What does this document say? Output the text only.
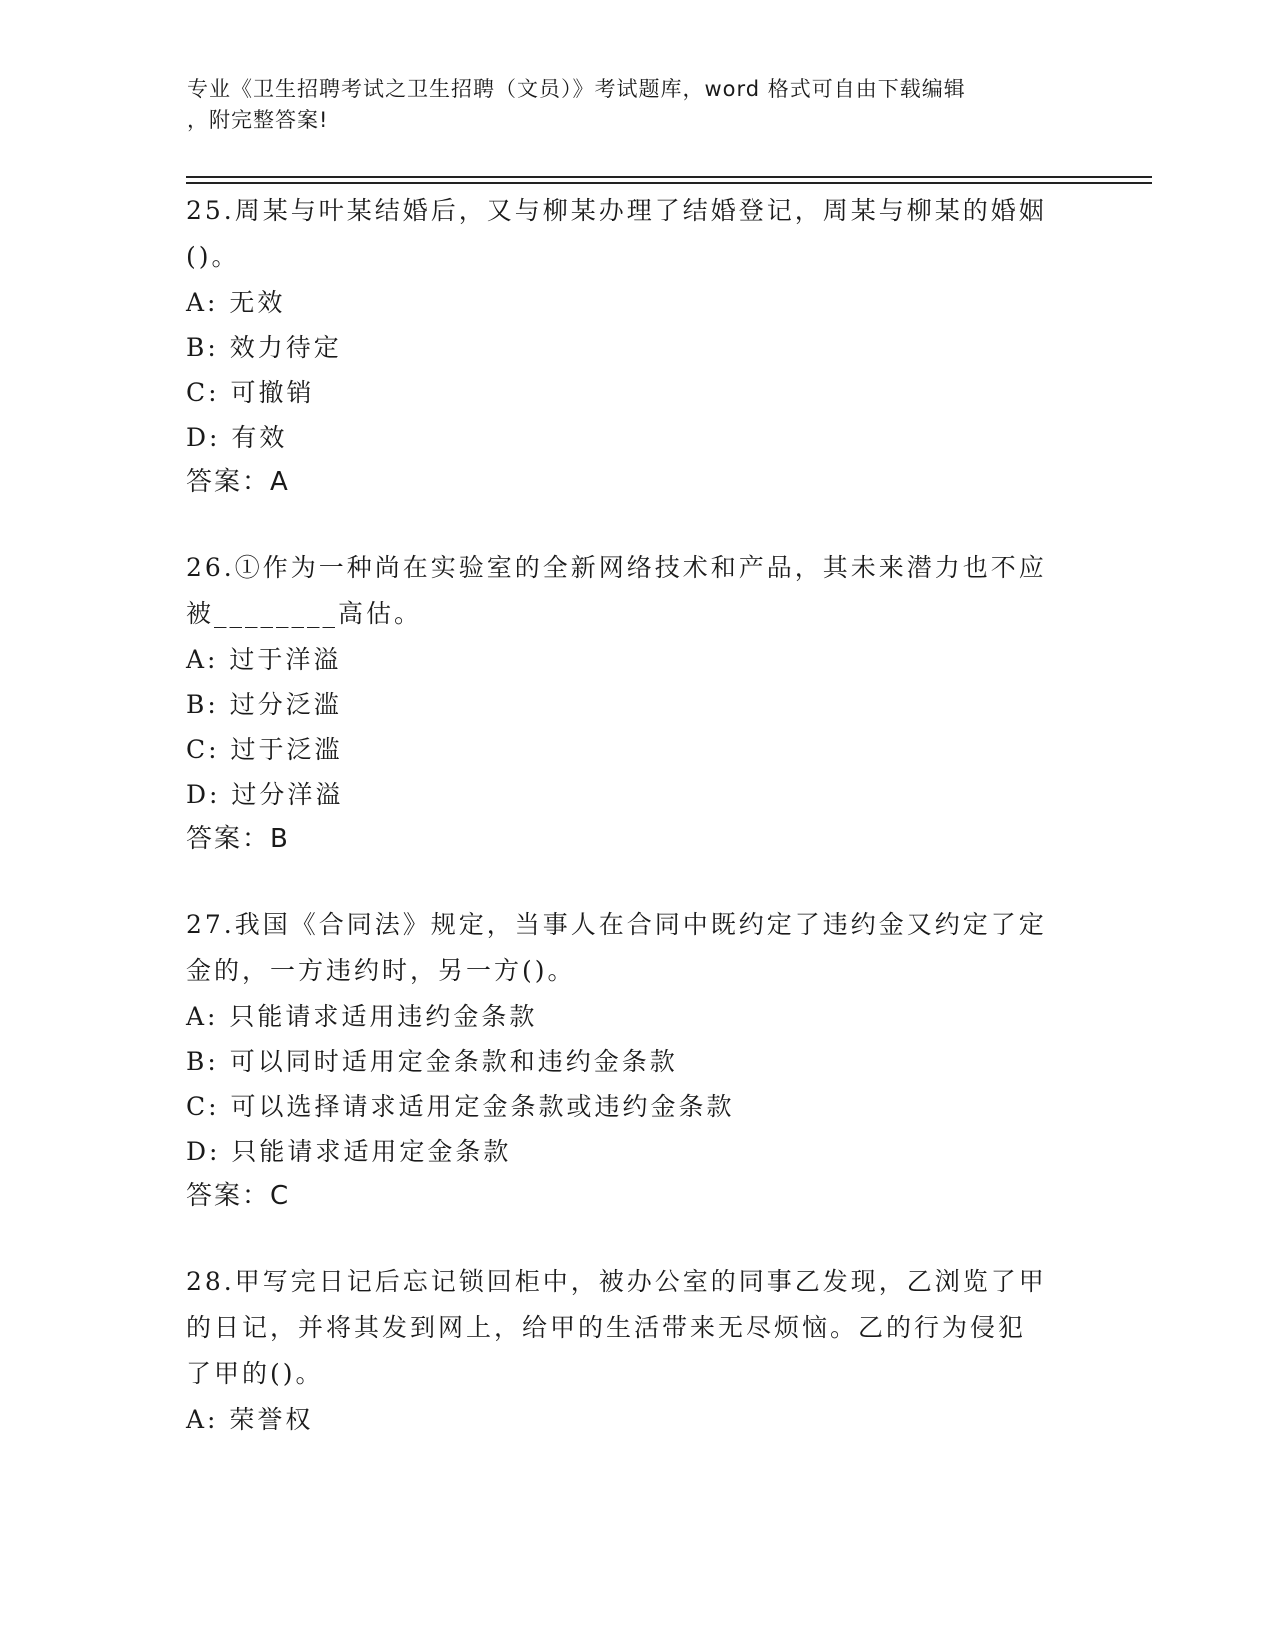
专业《卫生招聘考试之卫生招聘（文员）》考试题库，word 格式可自由下载编辑
，附完整答案!

25.周某与叶某结婚后，又与柳某办理了结婚登记，周某与柳某的婚姻

()。

A: 无效

B: 效力待定

C: 可撤销

D: 有效

答案：A

26.①作为一种尚在实验室的全新网络技术和产品，其未来潜力也不应

被________高估。

A: 过于洋溢

B: 过分泛滥

C: 过于泛滥

D: 过分洋溢

答案：B

27.我国《合同法》规定，当事人在合同中既约定了违约金又约定了定

金的，一方违约时，另一方()。

A: 只能请求适用违约金条款

B: 可以同时适用定金条款和违约金条款

C: 可以选择请求适用定金条款或违约金条款

D: 只能请求适用定金条款

答案：C

28.甲写完日记后忘记锁回柜中，被办公室的同事乙发现，乙浏览了甲

的日记，并将其发到网上，给甲的生活带来无尽烦恼。乙的行为侵犯

了甲的()。

A: 荣誉权
